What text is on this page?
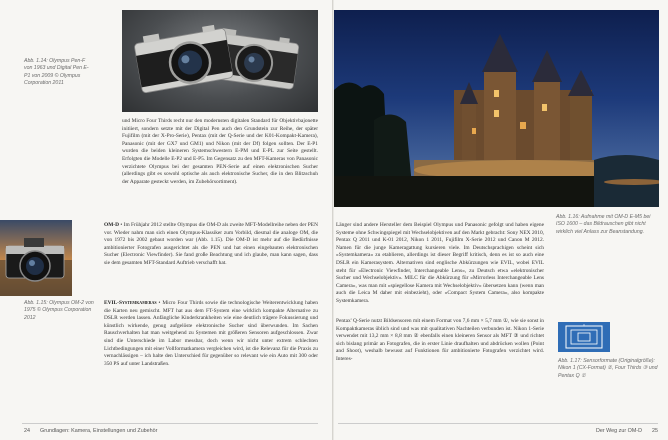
Abb. 1.14: Olympus Pen-F von 1963 und Digital Pen E-P1 von 2009 © Olympus Corporation 2011

und Micro Four Thirds recht nur den modernsten digitalen Standard für Objektivbajonette initiiert, sondern setzte mit der Digital Pen auch den Grundstein zur Reihe, der später Fujifilm (mit der X-Pro-Serie), Pentax (mit der Q-Serie und der K01-Kompakt-Kamera), Panasonic (mit der GX7 und GM1) und Nikon (mit der Df) folgen sollten. Der E-P1 wurden die beiden kleineren Systemschwestern E-PM und E-PL zur Seite gestellt. Erfolgten die Modelle E-P2 und E-P5. Im Gegensatz zu den MFT-Kameras von Panasonic verzichtete Olympus bei der gesamten PEN-Serie auf einen elektronischen Sucher (allerdings gibt es sowohl optische als auch elektronische Sucher, die in den Blitzschuh der Apparate gesteckt werden, im Zubehörsortiment).

Abb. 1.15: Olympus OM-2 von 1975 © Olympus Corporation 2012

OM-D • Im Frühjahr 2012 stellte Olympus die OM-D als zweite MFT-Modellreihe neben der PEN vor. Wieder nahm man sich einen Olympus-Klassiker zum Vorbild, diesmal die analoge OM, die von 1972 bis 2002 gebaut worden war (Abb. 1.15). Die OM-D ist mehr auf die Bedürfnisse ambitionierter Fotografen ausgerichtet als die PEN und hat einen eingebauten elektronischen Sucher (Electronic Viewfinder). Sie fand große Beachtung und ich glaube, man kann sagen, dass sie dem gesamten MFT-Standard Auftrieb verschafft hat.

EVIL-Systemkameras • Micro Four Thirds sowie die technologische Weiterentwicklung haben die Karten neu gemischt. MFT hat aus dem FT-System eine wirklich kompakte Alternative zu DSLR werden lassen. Anfängliche Kinderkrankheiten wie eine deutlich trägere Fokussierung und künstlich wirkende, genug aufgelöste elektronische Sucher sind überwunden. Im Sachen Rauschverhalten hat man weitgehend zu Systemen mit größeren Sensoren aufgeschlossen. Zwar sind die Unterschiede im Labor messbar, doch wenn wir nicht unter extrem schlechten Lichtbedingungen mit einer Vollformatkamera vergleichen wird, ist die Relevanz für die Praxis zu vernachlässigen – ich halte den Unterschied für gegenüber so relevant wie ein Auto mit 300 oder 350 PS auf unter Landstraßen.

24 Grundlagen: Kamera, Einstellungen und Zubehör

Abb. 1.16: Aufnahme mit OM-D E-M5 bei ISO 1600 – das Bildrauschen gibt nicht wirklich viel Anlass zur Beanstandung.

Länger sind andere Hersteller dem Beispiel Olympus und Panasonic gefolgt und haben eigene Systeme ohne Schwingspiegel mit Wechselobjektiven auf den Markt gebracht: Sony NEX 2010, Pentax Q 2011 und K-01 2012, Nikon 1 2011, Fujifilm X-Serie 2012 und Canon M 2012. Namen für die junge Kameragattung kursieren viele. Im Deutschsprachigen scheint sich »Systemkamera« zu etablieren, allerdings ist dieser Begriff kritisch, denn es ist so auch eine DSLR ein Kamerasystem. Alternativen sind englische Abkürzungen wie EVIL, wobei EVIL steht für »Electronic Viewfinder, Interchangeable Lens«, zu Deutsch etwa »elektronischer Sucher und Wechselobjektiv«. MILC für die Abkürzung für »Mirrorless Interchangeable Lens Camera«, was man mit »spiegellose Kamera mit Wechselobjektiv« übersetzen kann (wenn man auch die Leica M daher mit einbezieht), oder »Compact System Camera«, also kompakte Systemkamera.

Pentax' Q-Serie nutzt Bildsensoren mit einem Format von 7,6 mm × 5,7 mm ①, wie sie sonst in Kompaktkameras üblich sind und was mit qualitativen Nachteilen verbunden ist. Nikon 1-Serie verwendet mit 13,2 mm × 8,8 mm ② ebenfalls einen kleineren Sensor als MFT ③ und richtet sich bislang primär an Fotografen, die in erster Linie draufhalten und abdrücken wollen (Point and Shoot), weshalb bewusst auf Funktionen für ambitionierte Fotografen verzichtet wird. Interes-	Abb. 1.17: Sensorformate (Originalgröße): Nikon 1 (CX-Format) ②, Four Thirds ③ und Pentax Q ①

Der Weg zur OM-D 25
